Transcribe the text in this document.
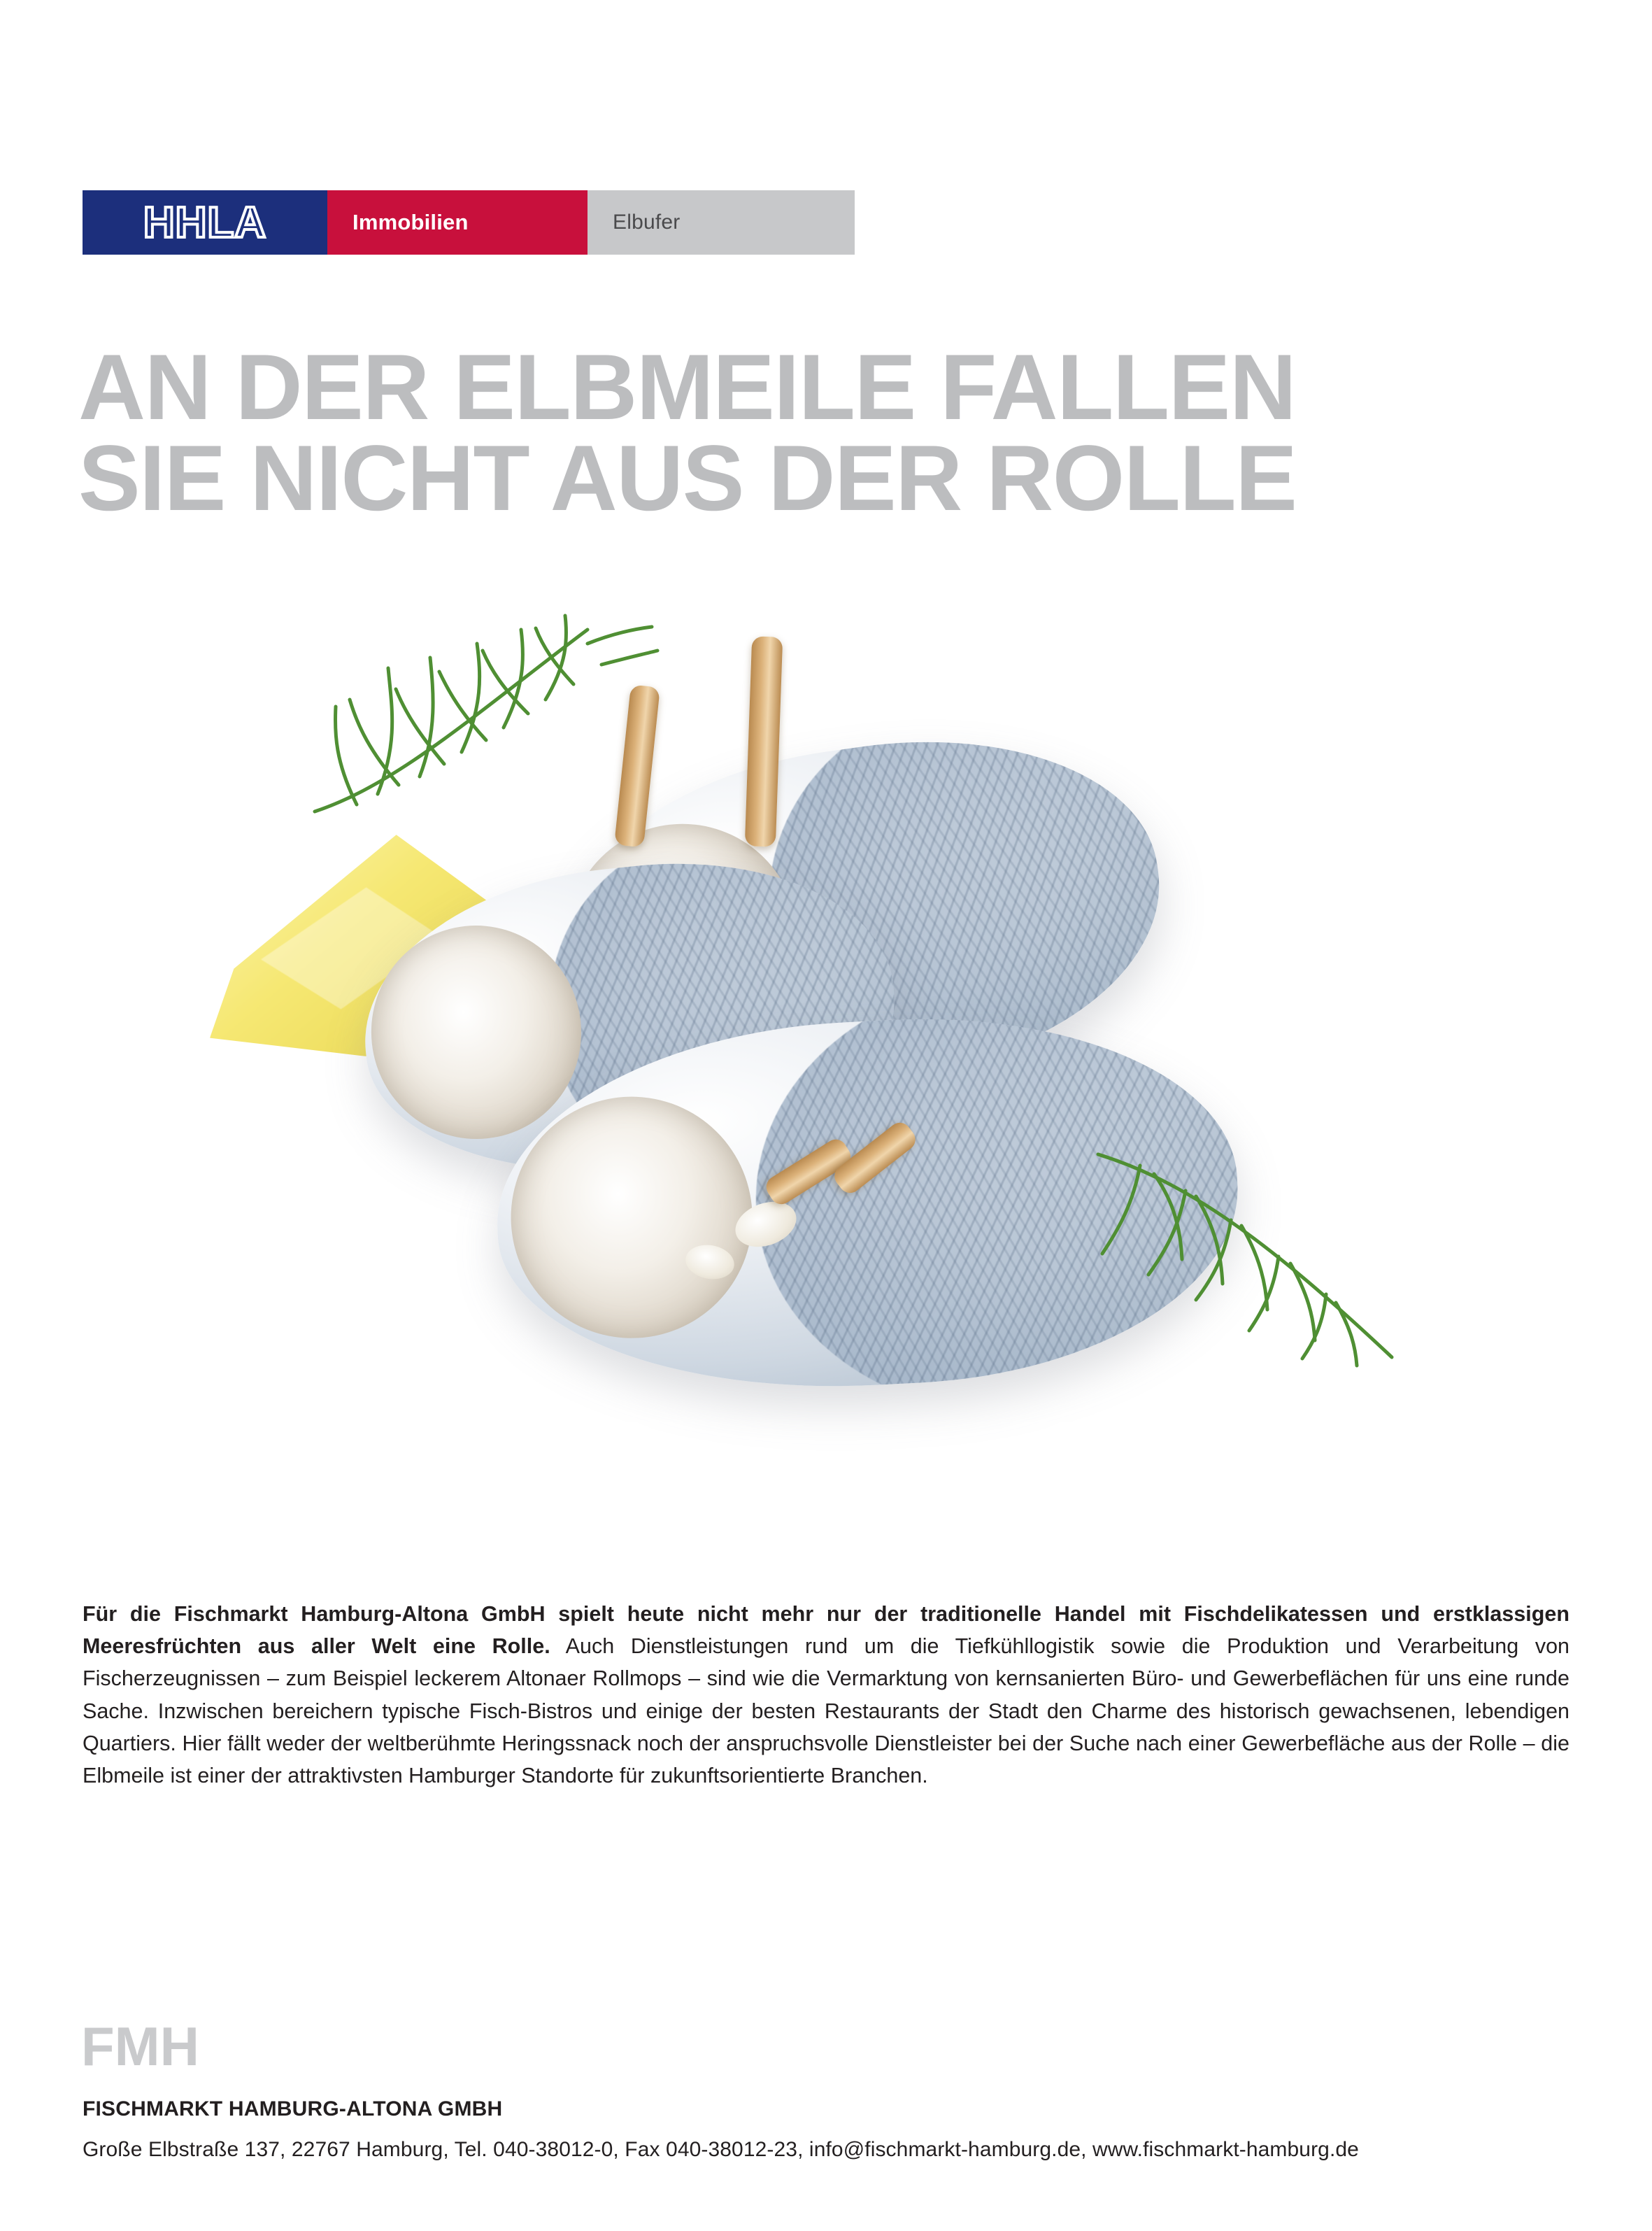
HHLA	Immobilien	Elbufer
AN DER ELBMEILE FALLEN
SIE NICHT AUS DER ROLLE

Für die Fischmarkt Hamburg-Altona GmbH spielt heute nicht mehr nur der traditionelle Handel mit Fischdelikatessen und erstklassigen Meeresfrüchten aus aller Welt eine Rolle. Auch Dienstleistungen rund um die Tiefkühllogistik sowie die Produktion und Verarbeitung von Fischerzeugnissen – zum Beispiel leckerem Altonaer Rollmops – sind wie die Vermarktung von kernsanierten Büro- und Gewerbeflächen für uns eine runde Sache. Inzwischen bereichern typische Fisch-Bistros und einige der besten Restaurants der Stadt den Charme des historisch gewachsenen, lebendigen Quartiers. Hier fällt weder der weltberühmte Heringssnack noch der anspruchsvolle Dienstleister bei der Suche nach einer Gewerbefläche aus der Rolle – die Elbmeile ist einer der attraktivsten Hamburger Standorte für zukunftsorientierte Branchen.

FMH
FISCHMARKT HAMBURG-ALTONA GMBH
Große Elbstraße 137, 22767 Hamburg, Tel. 040-38012-0, Fax 040-38012-23, info@fischmarkt-hamburg.de, www.fischmarkt-hamburg.de
